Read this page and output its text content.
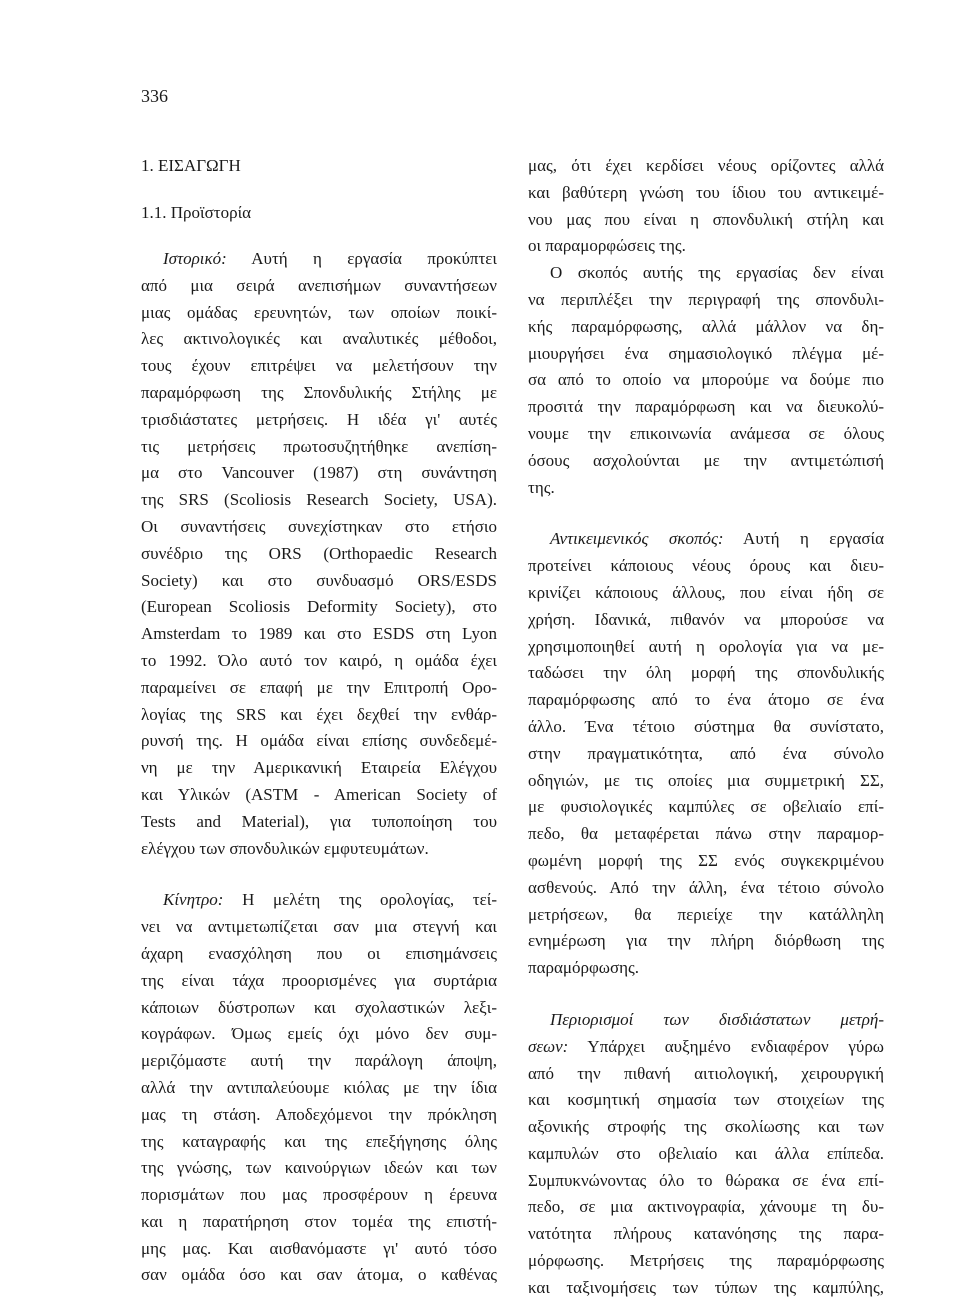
336
1. ΕΙΣΑΓΩΓΗ
1.1. Προϊστορία
Ιστορικό: Αυτή η εργασία προκύπτει
από μια σειρά ανεπισήμων συναντήσεων
μιας ομάδας ερευνητών, των οποίων ποικί-
λες ακτινολογικές και αναλυτικές μέθοδοι,
τους έχουν επιτρέψει να μελετήσουν την
παραμόρφωση της Σπονδυλικής Στήλης με
τρισδιάστατες μετρήσεις. Η ιδέα γι' αυτές
τις μετρήσεις πρωτοσυζητήθηκε ανεπίση-
μα στο Vancouver (1987) στη συνάντηση
της SRS (Scoliosis Research Society, USA).
Οι συναντήσεις συνεχίστηκαν στο ετήσιο
συνέδριο της ORS (Orthopaedic Research
Society) και στο συνδυασμό ORS/ESDS
(European Scoliosis Deformity Society), στο
Amsterdam το 1989 και στο ESDS στη Lyon
το 1992. Όλο αυτό τον καιρό, η ομάδα έχει
παραμείνει σε επαφή με την Επιτροπή Ορο-
λογίας της SRS και έχει δεχθεί την ενθάρ-
ρυνσή της. Η ομάδα είναι επίσης συνδεδεμέ-
νη με την Αμερικανική Εταιρεία Ελέγχου
και Υλικών (ASTM - American Society of
Tests and Material), για τυποποίηση του
ελέγχου των σπονδυλικών εμφυτευμάτων.
Κίνητρο: Η μελέτη της ορολογίας, τεί-
νει να αντιμετωπίζεται σαν μια στεγνή και
άχαρη ενασχόληση που οι επισημάνσεις
της είναι τάχα προορισμένες για συρτάρια
κάποιων δύστροπων και σχολαστικών λεξι-
κογράφων. Όμως εμείς όχι μόνο δεν συμ-
μεριζόμαστε αυτή την παράλογη άποψη,
αλλά την αντιπαλεύουμε κιόλας με την ίδια
μας τη στάση. Αποδεχόμενοι την πρόκληση
της καταγραφής και της επεξήγησης όλης
της γνώσης, των καινούργιων ιδεών και των
πορισμάτων που μας προσφέρουν η έρευνα
και η παρατήρηση στον τομέα της επιστή-
μης μας. Και αισθανόμαστε γι' αυτό τόσο
σαν ομάδα όσο και σαν άτομα, ο καθένας
μας, ότι έχει κερδίσει νέους ορίζοντες αλλά
και βαθύτερη γνώση του ίδιου του αντικειμέ-
νου μας που είναι η σπονδυλική στήλη και
οι παραμορφώσεις της.
Ο σκοπός αυτής της εργασίας δεν είναι
να περιπλέξει την περιγραφή της σπονδυλι-
κής παραμόρφωσης, αλλά μάλλον να δη-
μιουργήσει ένα σημασιολογικό πλέγμα μέ-
σα από το οποίο να μπορούμε να δούμε πιο
προσιτά την παραμόρφωση και να διευκολύ-
νουμε την επικοινωνία ανάμεσα σε όλους
όσους ασχολούνται με την αντιμετώπισή
της.
Αντικειμενικός σκοπός: Αυτή η εργασία
προτείνει κάποιους νέους όρους και διευ-
κρινίζει κάποιους άλλους, που είναι ήδη σε
χρήση. Ιδανικά, πιθανόν να μπορούσε να
χρησιμοποιηθεί αυτή η ορολογία για να με-
ταδώσει την όλη μορφή της σπονδυλικής
παραμόρφωσης από το ένα άτομο σε ένα
άλλο. Ένα τέτοιο σύστημα θα συνίστατο,
στην πραγματικότητα, από ένα σύνολο
οδηγιών, με τις οποίες μια συμμετρική ΣΣ,
με φυσιολογικές καμπύλες σε οβελιαίο επί-
πεδο, θα μεταφέρεται πάνω στην παραμορ-
φωμένη μορφή της ΣΣ ενός συγκεκριμένου
ασθενούς. Από την άλλη, ένα τέτοιο σύνολο
μετρήσεων, θα περιείχε την κατάλληλη
ενημέρωση για την πλήρη διόρθωση της
παραμόρφωσης.
Περιορισμοί των δισδιάστατων μετρή-
σεων: Υπάρχει αυξημένο ενδιαφέρον γύρω
από την πιθανή αιτιολογική, χειρουργική
και κοσμητική σημασία των στοιχείων της
αξονικής στροφής της σκολίωσης και των
καμπυλών στο οβελιαίο και άλλα επίπεδα.
Συμπυκνώνοντας όλο το θώρακα σε ένα επί-
πεδο, σε μια ακτινογραφία, χάνουμε τη δυ-
νατότητα πλήρους κατανόησης της παρα-
μόρφωσης. Μετρήσεις της παραμόρφωσης
και ταξινομήσεις των τύπων της καμπύλης,
